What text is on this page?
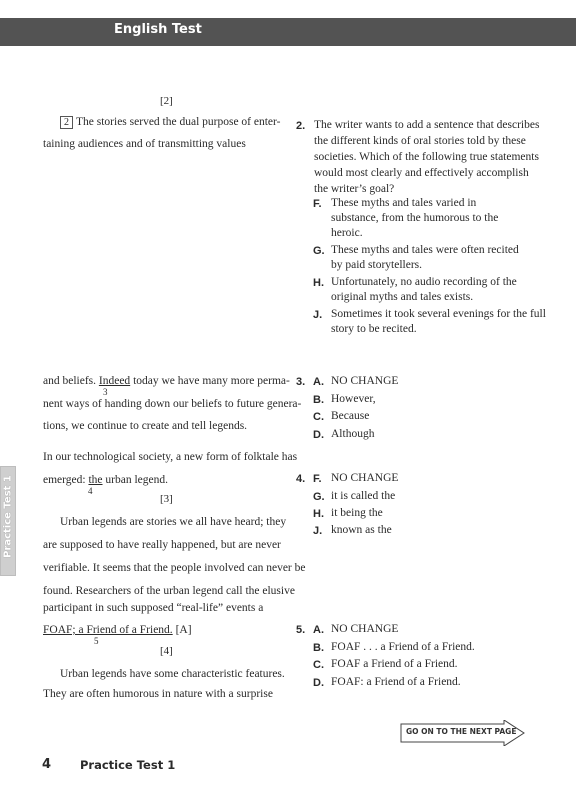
English Test
Practice Test 1
[2]
2 The stories served the dual purpose of enter-
taining audiences and of transmitting values
and beliefs. Indeed today we have many more perma-
3
nent ways of handing down our beliefs to future genera-
tions, we continue to create and tell legends.
In our technological society, a new form of folktale has
emerged: the urban legend.
4
[3]
Urban legends are stories we all have heard; they
are supposed to have really happened, but are never
verifiable. It seems that the people involved can never be
found. Researchers of the urban legend call the elusive
participant in such supposed “real-life” events a
FOAF; a Friend of a Friend. [A]
5
[4]
Urban legends have some characteristic features.
They are often humorous in nature with a surprise
2. The writer wants to add a sentence that describes the different kinds of oral stories told by these societies. Which of the following true statements would most clearly and effectively accomplish the writer’s goal?
F. These myths and tales varied in substance, from the humorous to the heroic.
G. These myths and tales were often recited by paid storytellers.
H. Unfortunately, no audio recording of the original myths and tales exists.
J. Sometimes it took several evenings for the full story to be recited.
3. A. NO CHANGE
B. However,
C. Because
D. Although
4. F. NO CHANGE
G. it is called the
H. it being the
J. known as the
5. A. NO CHANGE
B. FOAF . . . a Friend of a Friend.
C. FOAF a Friend of a Friend.
D. FOAF: a Friend of a Friend.
GO ON TO THE NEXT PAGE
4	Practice Test 1
